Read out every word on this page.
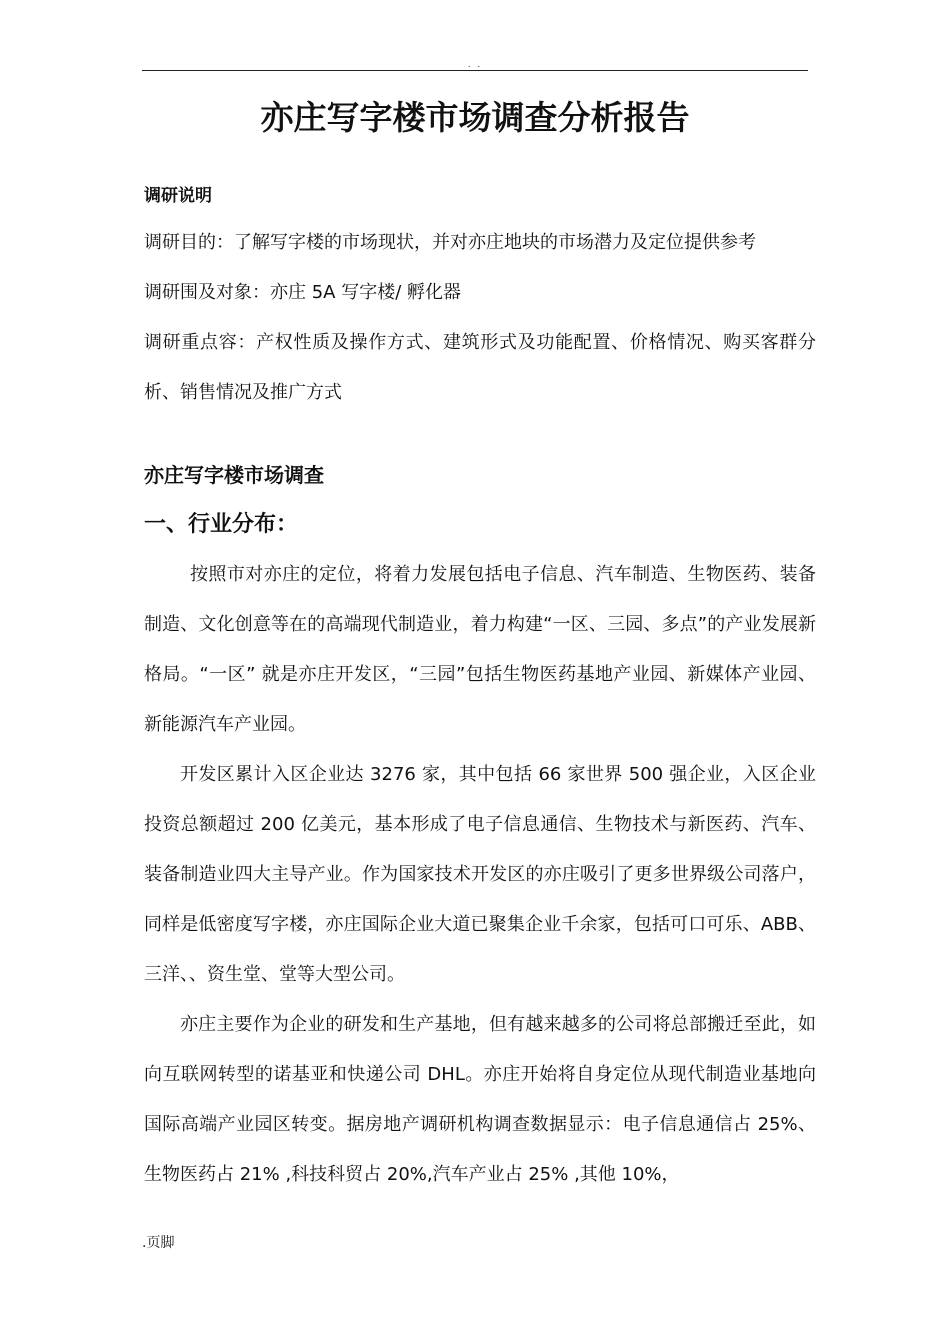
. .
亦庄写字楼市场调查分析报告

调研说明

调研目的：了解写字楼的市场现状，并对亦庄地块的市场潜力及定位提供参考

调研围及对象：亦庄 5A 写字楼/ 孵化器

调研重点容：产权性质及操作方式、建筑形式及功能配置、价格情况、购买客群分析、销售情况及推广方式

亦庄写字楼市场调查

一、行业分布：

按照市对亦庄的定位，将着力发展包括电子信息、汽车制造、生物医药、装备制造、文化创意等在的高端现代制造业，着力构建“一区、三园、多点”的产业发展新格局。“一区” 就是亦庄开发区，“三园”包括生物医药基地产业园、新媒体产业园、新能源汽车产业园。

开发区累计入区企业达 3276 家，其中包括 66 家世界 500 强企业，入区企业投资总额超过 200 亿美元，基本形成了电子信息通信、生物技术与新医药、汽车、装备制造业四大主导产业。作为国家技术开发区的亦庄吸引了更多世界级公司落户，同样是低密度写字楼，亦庄国际企业大道已聚集企业千余家，包括可口可乐、ABB、三洋、、资生堂、堂等大型公司。

亦庄主要作为企业的研发和生产基地，但有越来越多的公司将总部搬迁至此，如向互联网转型的诺基亚和快递公司 DHL。亦庄开始将自身定位从现代制造业基地向国际高端产业园区转变。据房地产调研机构调查数据显示：电子信息通信占 25%、生物医药占 21% ,科技科贸占 20%,汽车产业占 25% ,其他 10%，

.页脚
